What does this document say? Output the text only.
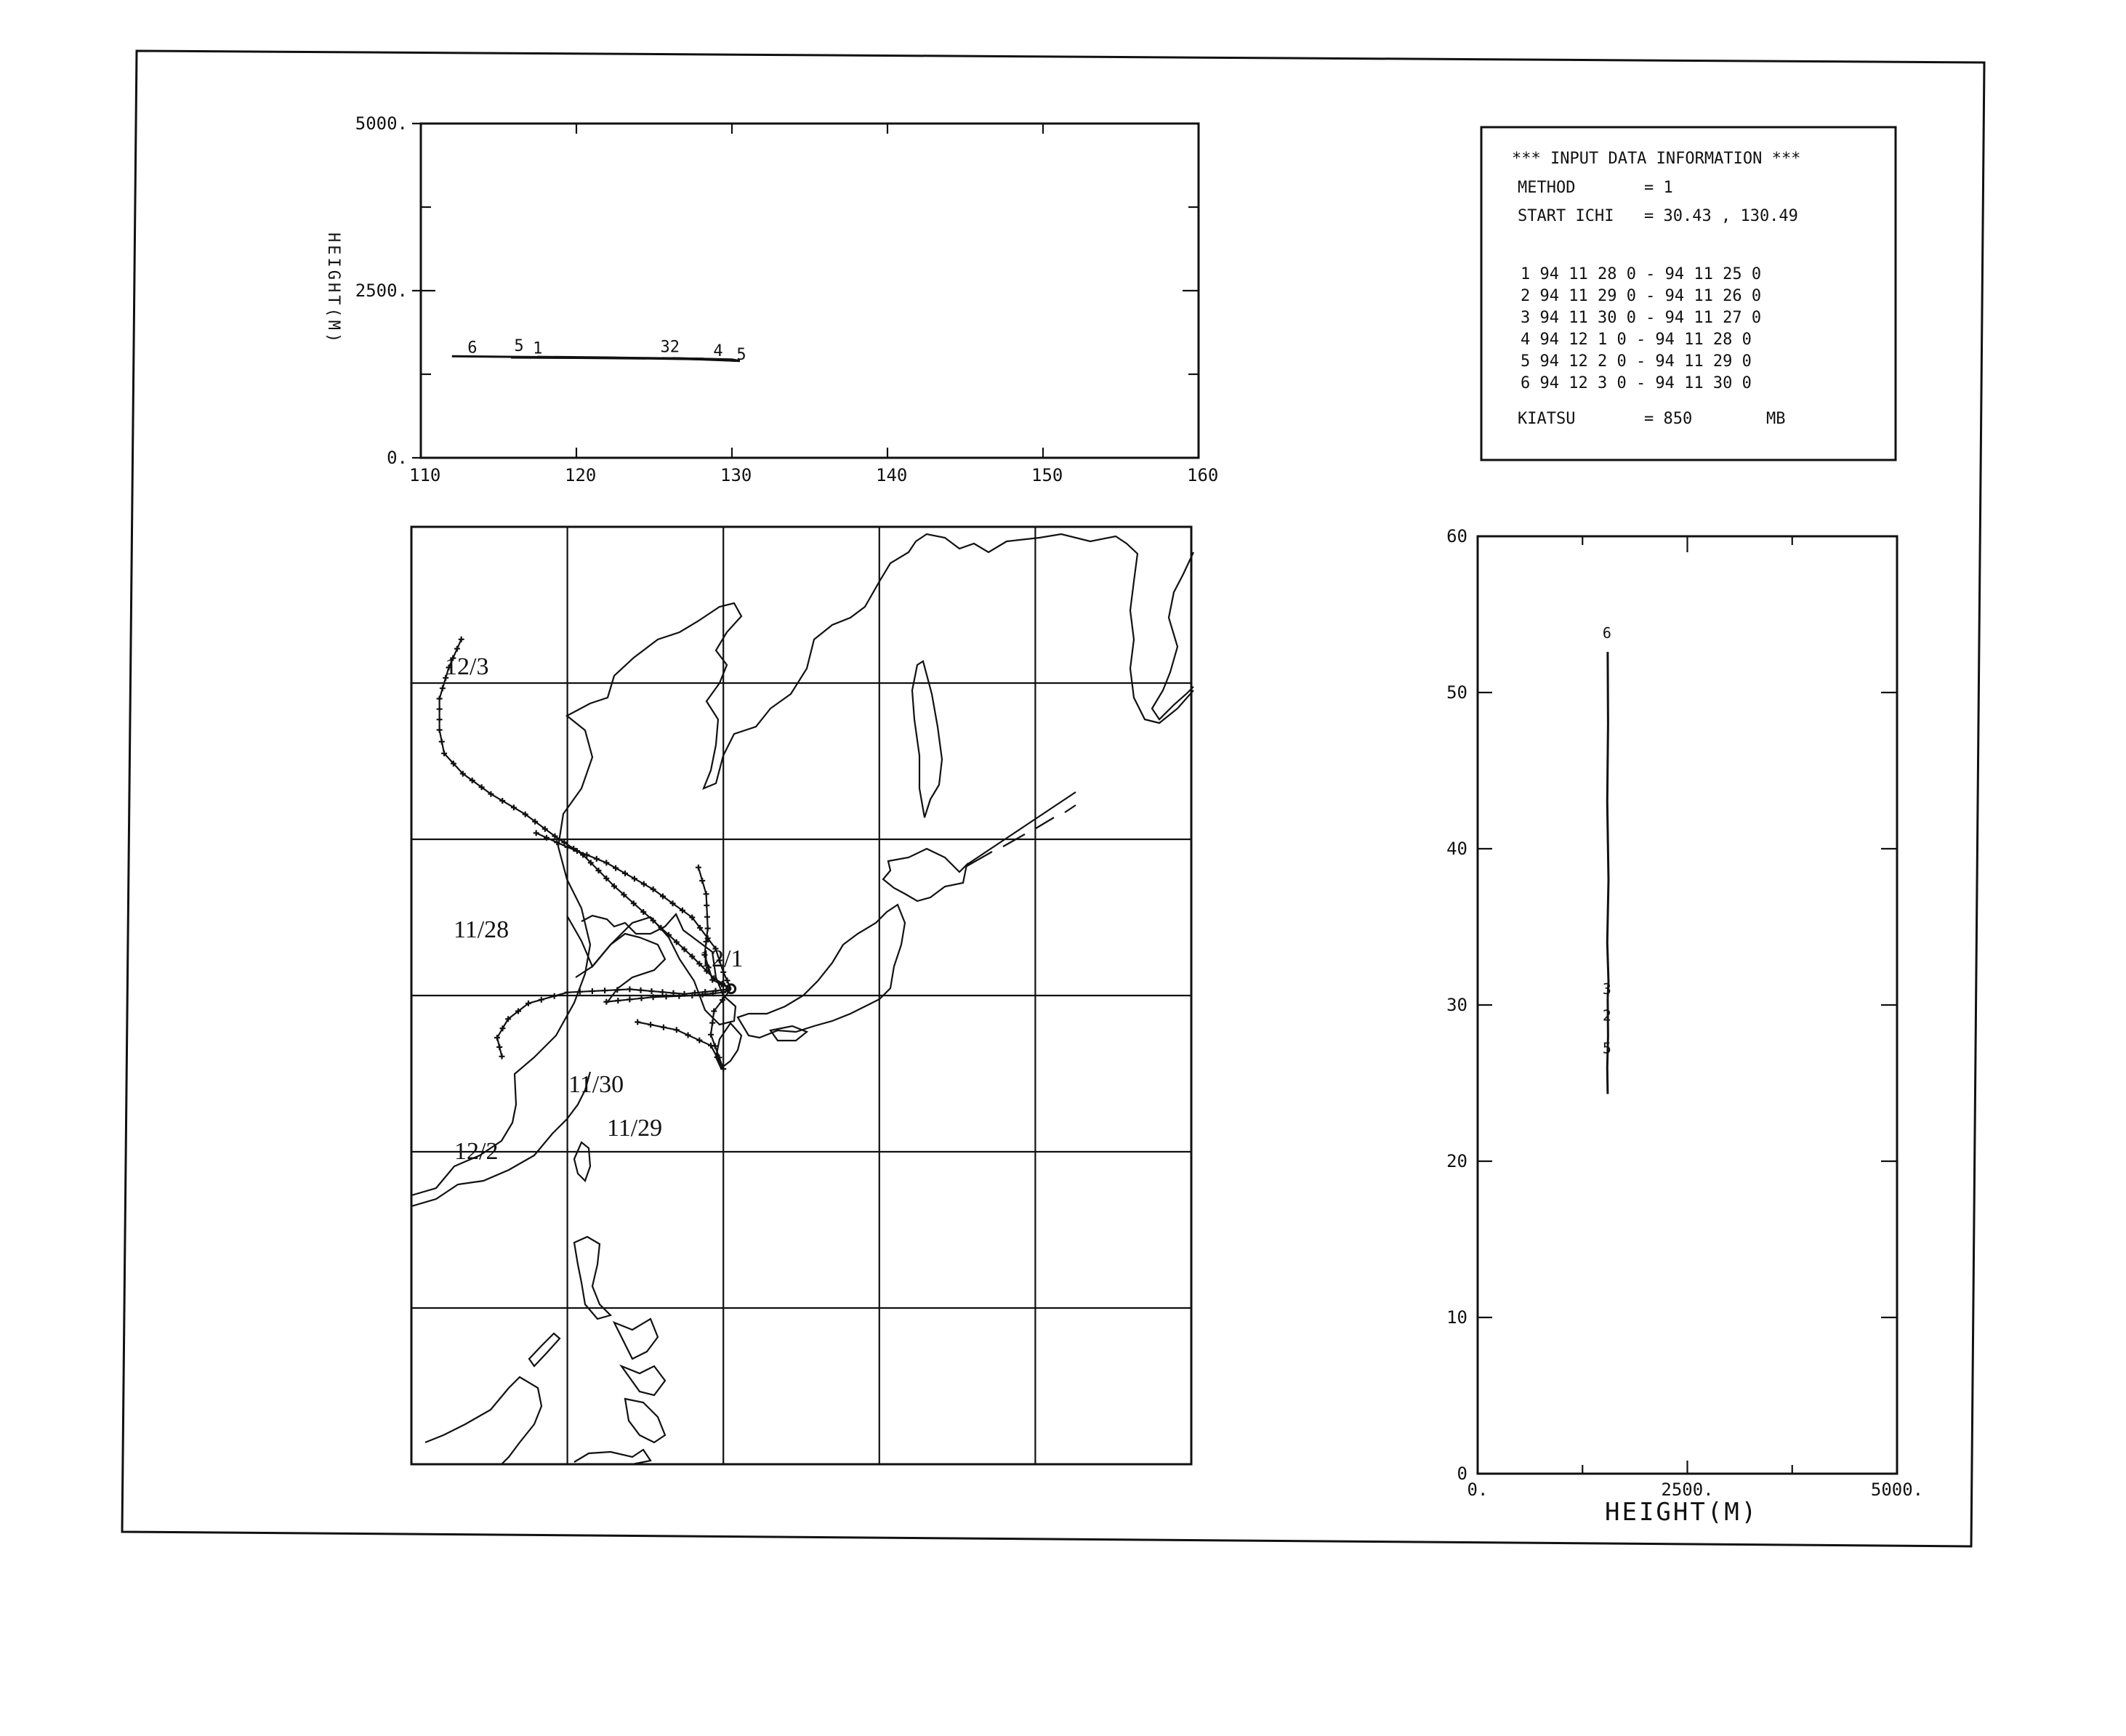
110	120	130	140	150	160
0.
2500.
5000.
6 5 1	32 4 5
HEIGHT(M)
*** INPUT DATA INFORMATION ***
METHOD	= 1
START ICHI = 30.43 , 130.49
1 94 11 28 0 - 94 11 25 0
2 94 11 29 0 - 94 11 26 0
3 94 11 30 0 - 94 11 27 0
4 94 12 1 0 - 94 11 28 0
5 94 12 2 0 - 94 11 29 0
6 94 12 3 0 - 94 11 30 0
KIATSU	= 850	MB
12/3
11/28
12/1
11/30
11/29
12/2
0.	2500.	5000.
0
10
20
30
40
50
60
6
3
2
5
HEIGHT(M)
